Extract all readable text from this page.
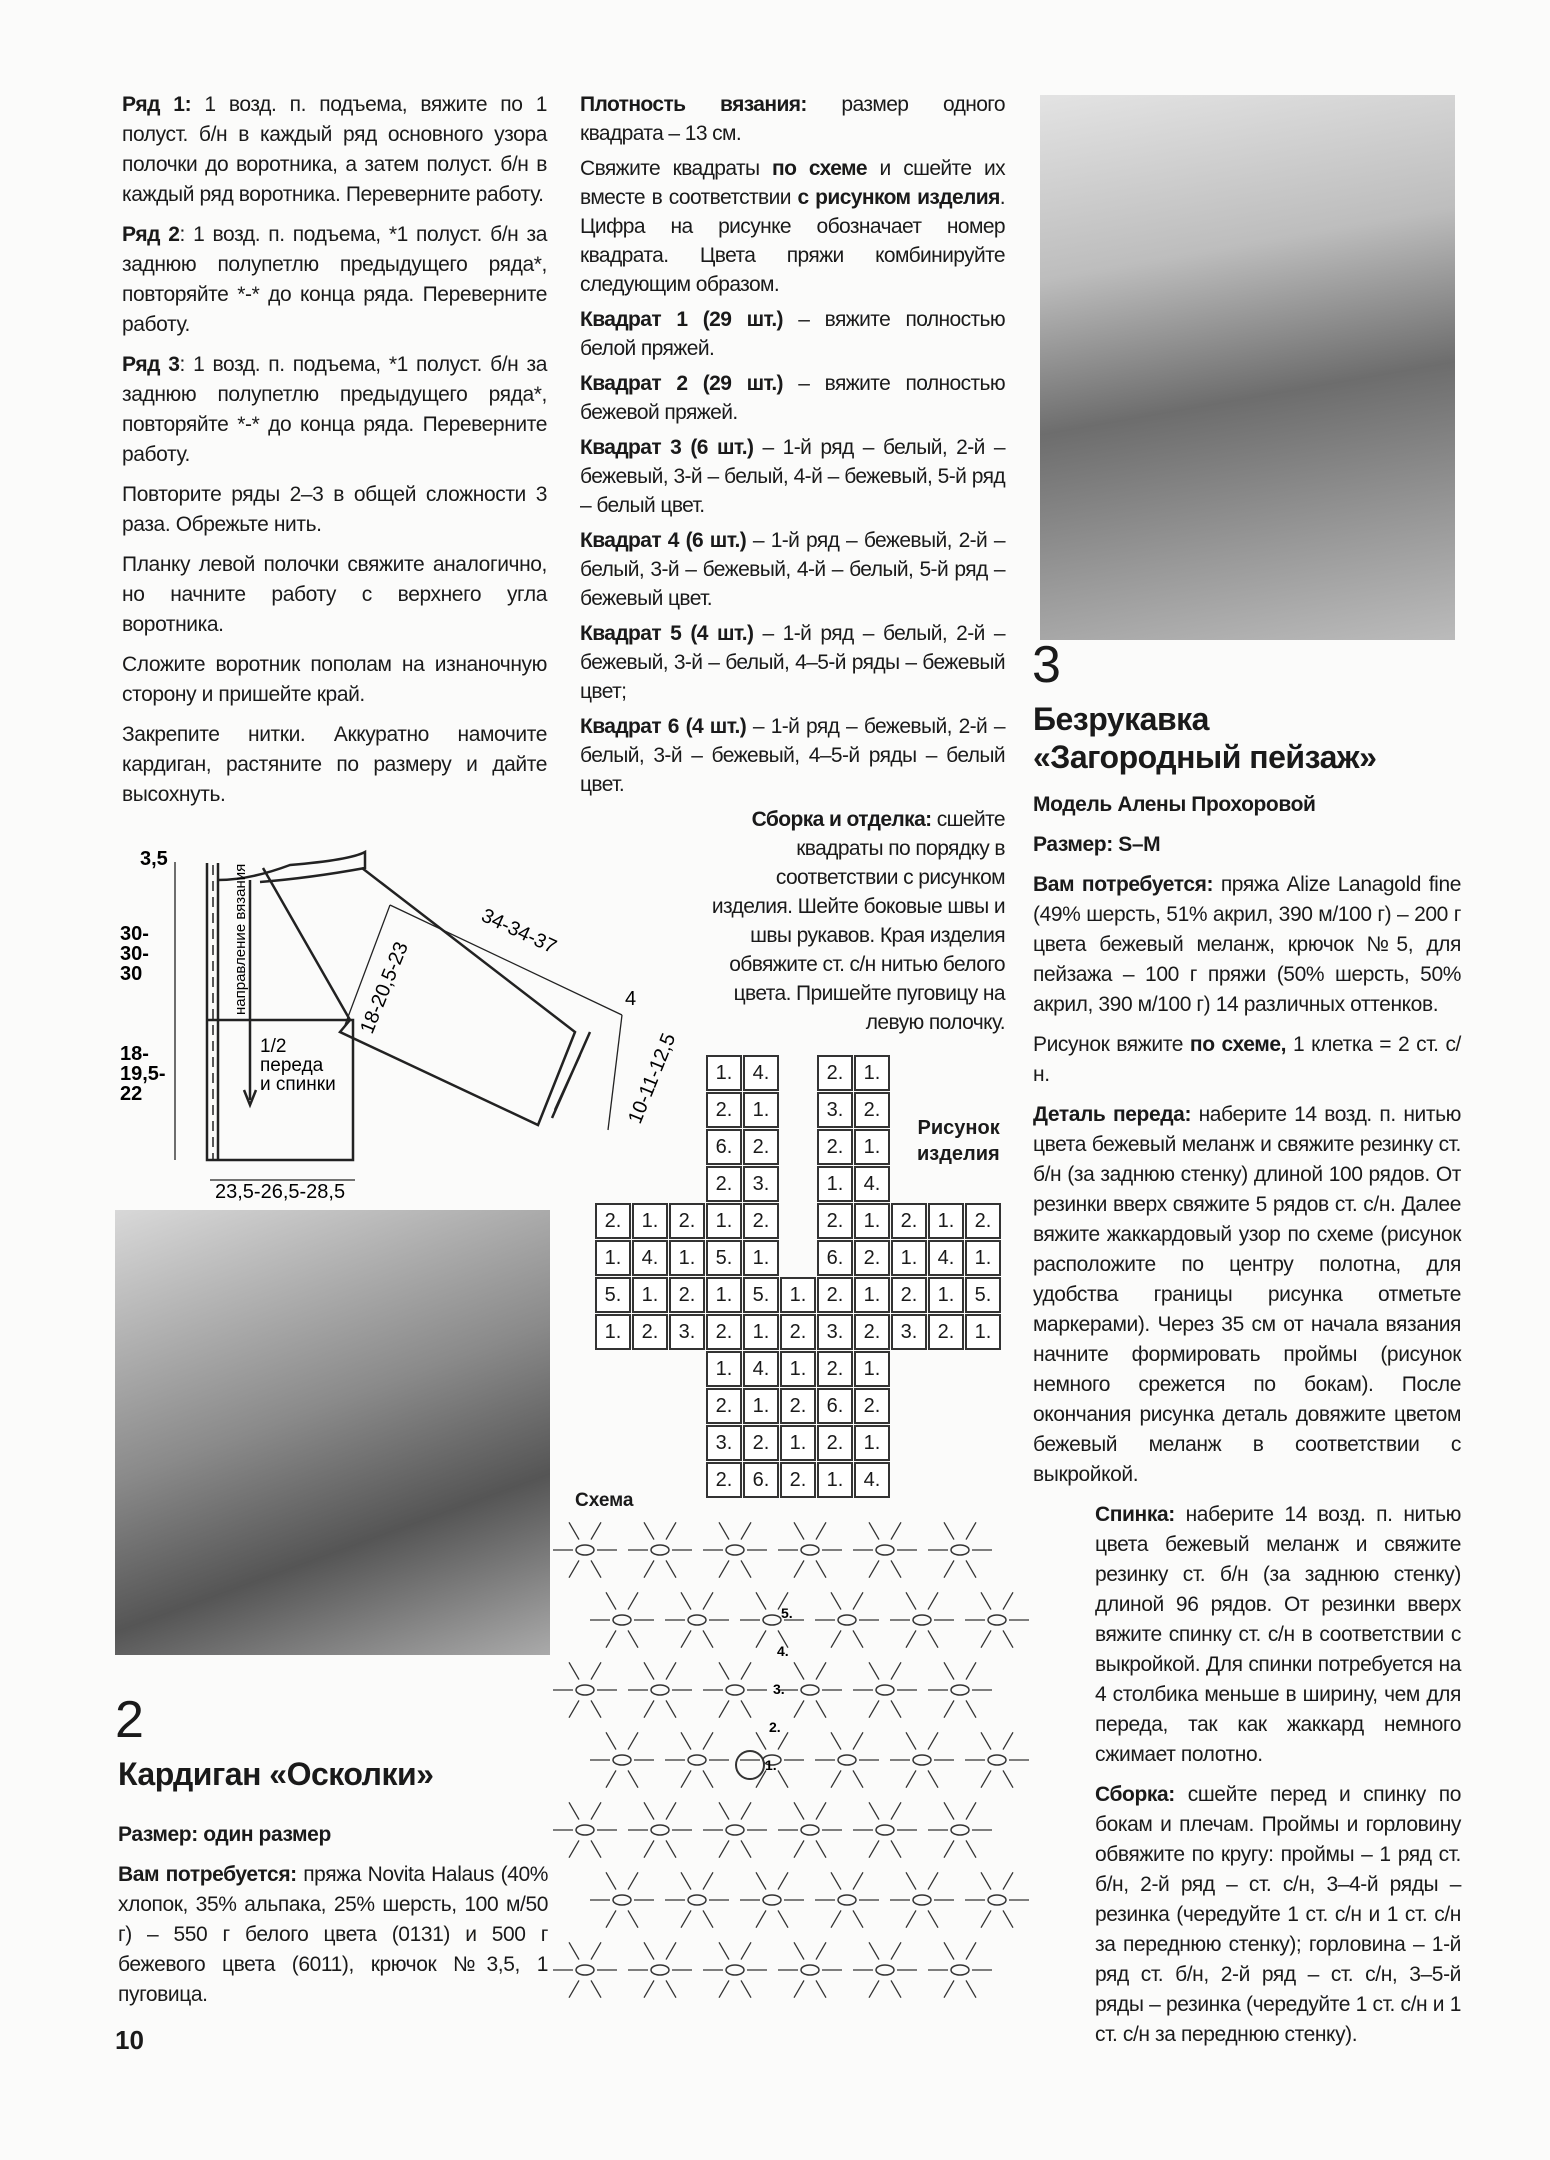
Ряд 1: 1 возд. п. подъема, вяжите по 1 полуст. б/н в каждый ряд основного узора полочки до воротника, а затем полуст. б/н в каждый ряд воротника. Переверните работу.

Ряд 2: 1 возд. п. подъема, *1 полуст. б/н за заднюю полупетлю предыдущего ряда*, повторяйте *-* до конца ряда. Переверните работу.

Ряд 3: 1 возд. п. подъема, *1 полуст. б/н за заднюю полупетлю предыдущего ряда*, повторяйте *-* до конца ряда. Переверните работу.

Повторите ряды 2–3 в общей сложности 3 раза. Обрежьте нить.

Планку левой полочки свяжите аналогично, но начните работу с верхнего угла воротника.

Сложите воротник пополам на изнаночную сторону и пришейте край.

Закрепите нитки. Аккуратно намочите кардиган, растяните по размеру и дайте высохнуть.

3,5
30-30-30
18-19,5-22
23,5-26,5-28,5
34-34-37
18-20,5-23	4
10-11-12,5
направление вязания
1/2 переда и спинки
2
Кардиган «Осколки»

Размер: один размер

Вам потребуется: пряжа Novita Halaus (40% хлопок, 35% альпака, 25% шерсть, 100 м/50 г) – 550 г белого цвета (0131) и 500 г бежевого цвета (6011), крючок №3,5, 1 пуговица.

10

Плотность вязания: размер одного квадрата – 13 см.

Свяжите квадраты по схеме и сшейте их вместе в соответствии с рисунком изделия. Цифра на рисунке обозначает номер квадрата. Цвета пряжи комбинируйте следующим образом.

Квадрат 1 (29 шт.) – вяжите полностью белой пряжей.

Квадрат 2 (29 шт.) – вяжите полностью бежевой пряжей.

Квадрат 3 (6 шт.) – 1-й ряд – белый, 2-й – бежевый, 3-й – белый, 4-й – бежевый, 5-й ряд – белый цвет.

Квадрат 4 (6 шт.) – 1-й ряд – бежевый, 2-й – белый, 3-й – бежевый, 4-й – белый, 5-й ряд – бежевый цвет.

Квадрат 5 (4 шт.) – 1-й ряд – белый, 2-й – бежевый, 3-й – белый, 4–5-й ряды – бежевый цвет;

Квадрат 6 (4 шт.) – 1-й ряд – бежевый, 2-й – белый, 3-й – бежевый, 4–5-й ряды – белый цвет.

Сборка и отделка: сшейте квадраты по порядку в соответствии с рисунком изделия. Шейте боковые швы и швы рукавов. Края изделия обвяжите ст. с/н нитью белого цвета. Пришейте пуговицу на левую полочку.

1.	4.	2.	1.
2.	1.	3.	2.
6.	2.	2.	1.
2.	3.	1.	4.
2.	1.	2.	1.	2.	2.	1.	2.	1.	2.
1.	4.	1.	5.	1.	6.	2.	1.	4.	1.
5.	1.	2.	1.	5.	1.	2.	1.	2.	1.	5.
1.	2.	3.	2.	1.	2.	3.	2.	3.	2.	1.
1.	4.	1.	2.	1.
2.	1.	2.	6.	2.
3.	2.	1.	2.	1.
2.	6.	2.	1.	4.
Рисунок
изделия
Схема
1.
2.
3.
4.
5.
3
Безрукавка
«Загородный пейзаж»

Модель Алены Прохоровой

Размер: S–M

Вам потребуется: пряжа Alize Lanagold fine (49% шерсть, 51% акрил, 390 м/100 г) – 200 г цвета бежевый меланж, крючок №5, для пейзажа – 100 г пряжи (50% шерсть, 50% акрил, 390 м/100 г) 14 различных оттенков.

Рисунок вяжите по схеме, 1 клетка = 2 ст. с/н.

Деталь переда: наберите 14 возд. п. нитью цвета бежевый меланж и свяжите резинку ст. б/н (за заднюю стенку) длиной 100 рядов. От резинки вверх свяжите 5 рядов ст. с/н. Далее вяжите жаккардовый узор по схеме (рисунок расположите по центру полотна, для удобства границы рисунка отметьте маркерами). Через 35 см от начала вязания начните формировать проймы (рисунок немного срежется по бокам). После окончания рисунка деталь довяжите цветом бежевый меланж в соответствии с выкройкой.

Спинка: наберите 14 возд. п. нитью цвета бежевый меланж и свяжите резинку ст. б/н (за заднюю стенку) длиной 96 рядов. От резинки вверх вяжите спинку ст. с/н в соответствии с выкройкой. Для спинки потребуется на 4 столбика меньше в ширину, чем для переда, так как жаккард немного сжимает полотно.

Сборка: сшейте перед и спинку по бокам и плечам. Проймы и горловину обвяжите по кругу: проймы – 1 ряд ст. б/н, 2-й ряд – ст. с/н, 3–4-й ряды – резинка (чередуйте 1 ст. с/н и 1 ст. с/н за переднюю стенку); горловина – 1-й ряд ст. б/н, 2-й ряд – ст. с/н, 3–5-й ряды – резинка (чередуйте 1 ст. с/н и 1 ст. с/н за переднюю стенку).
